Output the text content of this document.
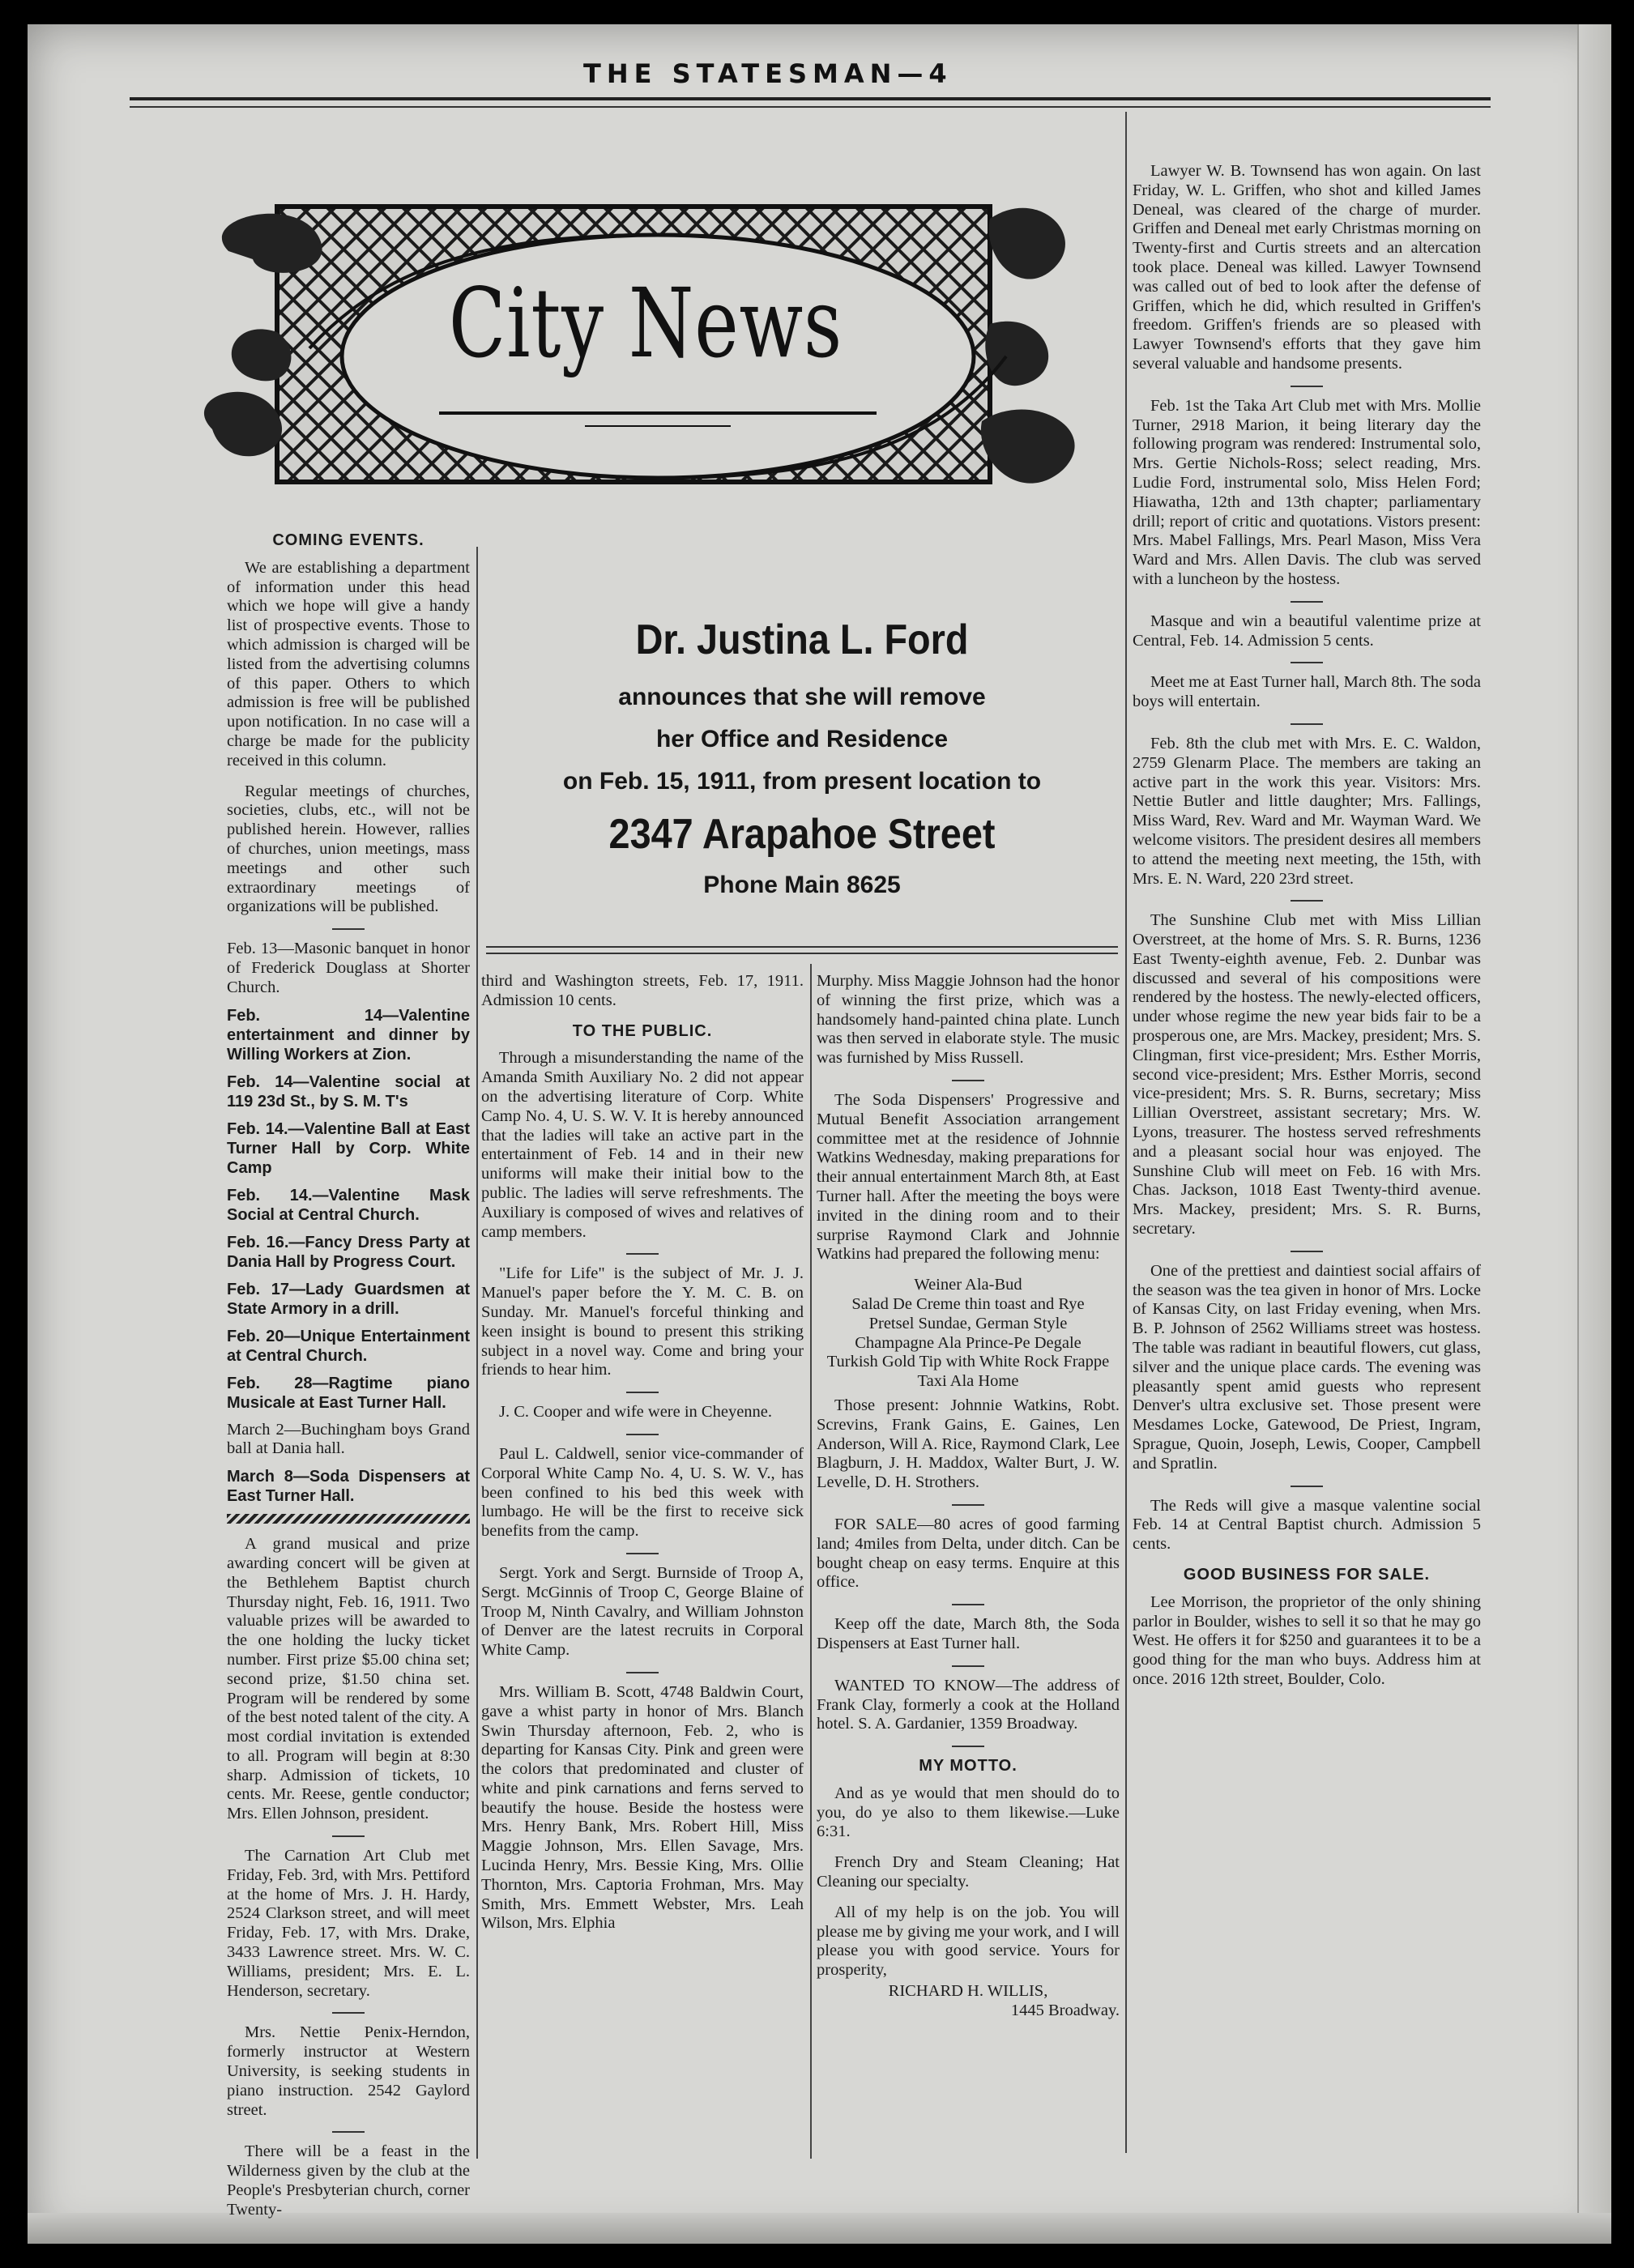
THE STATESMAN—4
City News
Dr. Justina L. Ford
announces that she will remove
her Office and Residence
on Feb. 15, 1911, from present location to
2347 Arapahoe Street
Phone Main 8625
COMING EVENTS.

We are establishing a department of information under this head which we hope will give a handy list of prospective events. Those to which admission is charged will be listed from the advertising columns of this paper. Others to which admission is free will be published upon notification. In no case will a charge be made for the publicity received in this column.

Regular meetings of churches, societies, clubs, etc., will not be published herein. However, rallies of churches, union meetings, mass meetings and other such extraordinary meetings of organizations will be published.

Feb. 13—Masonic banquet in honor of Frederick Douglass at Shorter Church.

Feb. 14—Valentine entertainment and dinner by Willing Workers at Zion.

Feb. 14—Valentine social at 119 23d St., by S. M. T's

Feb. 14.—Valentine Ball at East Turner Hall by Corp. White Camp

Feb. 14.—Valentine Mask Social at Central Church.

Feb. 16.—Fancy Dress Party at Dania Hall by Progress Court.

Feb. 17—Lady Guardsmen at State Armory in a drill.

Feb. 20—Unique Entertainment at Central Church.

Feb. 28—Ragtime piano Musicale at East Turner Hall.

March 2—Buchingham boys Grand ball at Dania hall.

March 8—Soda Dispensers at East Turner Hall.

A grand musical and prize awarding concert will be given at the Bethlehem Baptist church Thursday night, Feb. 16, 1911. Two valuable prizes will be awarded to the one holding the lucky ticket number. First prize $5.00 china set; second prize, $1.50 china set. Program will be rendered by some of the best noted talent of the city. A most cordial invitation is extended to all. Program will begin at 8:30 sharp. Admission of tickets, 10 cents. Mr. Reese, gentle conductor; Mrs. Ellen Johnson, president.

The Carnation Art Club met Friday, Feb. 3rd, with Mrs. Pettiford at the home of Mrs. J. H. Hardy, 2524 Clarkson street, and will meet Friday, Feb. 17, with Mrs. Drake, 3433 Lawrence street. Mrs. W. C. Williams, president; Mrs. E. L. Henderson, secretary.

Mrs. Nettie Penix-Herndon, formerly instructor at Western University, is seeking students in piano instruction. 2542 Gaylord street.

There will be a feast in the Wilderness given by the club at the People's Presbyterian church, corner Twenty-

third and Washington streets, Feb. 17, 1911. Admission 10 cents.

TO THE PUBLIC.

Through a misunderstanding the name of the Amanda Smith Auxiliary No. 2 did not appear on the advertising literature of Corp. White Camp No. 4, U. S. W. V. It is hereby announced that the ladies will take an active part in the entertainment of Feb. 14 and in their new uniforms will make their initial bow to the public. The ladies will serve refreshments. The Auxiliary is composed of wives and relatives of camp members.

"Life for Life" is the subject of Mr. J. J. Manuel's paper before the Y. M. C. B. on Sunday. Mr. Manuel's forceful thinking and keen insight is bound to present this striking subject in a novel way. Come and bring your friends to hear him.

J. C. Cooper and wife were in Cheyenne.

Paul L. Caldwell, senior vice-commander of Corporal White Camp No. 4, U. S. W. V., has been confined to his bed this week with lumbago. He will be the first to receive sick benefits from the camp.

Sergt. York and Sergt. Burnside of Troop A, Sergt. McGinnis of Troop C, George Blaine of Troop M, Ninth Cavalry, and William Johnston of Denver are the latest recruits in Corporal White Camp.

Mrs. William B. Scott, 4748 Baldwin Court, gave a whist party in honor of Mrs. Blanch Swin Thursday afternoon, Feb. 2, who is departing for Kansas City. Pink and green were the colors that predominated and cluster of white and pink carnations and ferns served to beautify the house. Beside the hostess were Mrs. Henry Bank, Mrs. Robert Hill, Miss Maggie Johnson, Mrs. Ellen Savage, Mrs. Lucinda Henry, Mrs. Bessie King, Mrs. Ollie Thornton, Mrs. Captoria Frohman, Mrs. May Smith, Mrs. Emmett Webster, Mrs. Leah Wilson, Mrs. Elphia

Murphy. Miss Maggie Johnson had the honor of winning the first prize, which was a handsomely hand-painted china plate. Lunch was then served in elaborate style. The music was furnished by Miss Russell.

The Soda Dispensers' Progressive and Mutual Benefit Association arrangement committee met at the residence of Johnnie Watkins Wednesday, making preparations for their annual entertainment March 8th, at East Turner hall. After the meeting the boys were invited in the dining room and to their surprise Raymond Clark and Johnnie Watkins had prepared the following menu:

Weiner Ala-Bud

Salad De Creme thin toast and Rye

Pretsel Sundae, German Style

Champagne Ala Prince-Pe Degale

Turkish Gold Tip with White Rock Frappe

Taxi Ala Home

Those present: Johnnie Watkins, Robt. Screvins, Frank Gains, E. Gaines, Len Anderson, Will A. Rice, Raymond Clark, Lee Blagburn, J. H. Maddox, Walter Burt, J. W. Levelle, D. H. Strothers.

FOR SALE—80 acres of good farming land; 4miles from Delta, under ditch. Can be bought cheap on easy terms. Enquire at this office.

Keep off the date, March 8th, the Soda Dispensers at East Turner hall.

WANTED TO KNOW—The address of Frank Clay, formerly a cook at the Holland hotel. S. A. Gardanier, 1359 Broadway.

MY MOTTO.

And as ye would that men should do to you, do ye also to them likewise.—Luke 6:31.

French Dry and Steam Cleaning; Hat Cleaning our specialty.

All of my help is on the job. You will please me by giving me your work, and I will please you with good service. Yours for prosperity,

RICHARD H. WILLIS,

1445 Broadway.

Lawyer W. B. Townsend has won again. On last Friday, W. L. Griffen, who shot and killed James Deneal, was cleared of the charge of murder. Griffen and Deneal met early Christmas morning on Twenty-first and Curtis streets and an altercation took place. Deneal was killed. Lawyer Townsend was called out of bed to look after the defense of Griffen, which he did, which resulted in Griffen's freedom. Griffen's friends are so pleased with Lawyer Townsend's efforts that they gave him several valuable and handsome presents.

Feb. 1st the Taka Art Club met with Mrs. Mollie Turner, 2918 Marion, it being literary day the following program was rendered: Instrumental solo, Mrs. Gertie Nichols-Ross; select reading, Mrs. Ludie Ford, instrumental solo, Miss Helen Ford; Hiawatha, 12th and 13th chapter; parliamentary drill; report of critic and quotations. Vistors present: Mrs. Mabel Fallings, Mrs. Pearl Mason, Miss Vera Ward and Mrs. Allen Davis. The club was served with a luncheon by the hostess.

Masque and win a beautiful valentime prize at Central, Feb. 14. Admission 5 cents.

Meet me at East Turner hall, March 8th. The soda boys will entertain.

Feb. 8th the club met with Mrs. E. C. Waldon, 2759 Glenarm Place. The members are taking an active part in the work this year. Visitors: Mrs. Nettie Butler and little daughter; Mrs. Fallings, Miss Ward, Rev. Ward and Mr. Wayman Ward. We welcome visitors. The president desires all members to attend the meeting next meeting, the 15th, with Mrs. E. N. Ward, 220 23rd street.

The Sunshine Club met with Miss Lillian Overstreet, at the home of Mrs. S. R. Burns, 1236 East Twenty-eighth avenue, Feb. 2. Dunbar was discussed and several of his compositions were rendered by the hostess. The newly-elected officers, under whose regime the new year bids fair to be a prosperous one, are Mrs. Mackey, president; Mrs. S. Clingman, first vice-president; Mrs. Esther Morris, second vice-president; Mrs. Esther Morris, second vice-president; Mrs. S. R. Burns, secretary; Miss Lillian Overstreet, assistant secretary; Mrs. W. Lyons, treasurer. The hostess served refreshments and a pleasant social hour was enjoyed. The Sunshine Club will meet on Feb. 16 with Mrs. Chas. Jackson, 1018 East Twenty-third avenue. Mrs. Mackey, president; Mrs. S. R. Burns, secretary.

One of the prettiest and daintiest social affairs of the season was the tea given in honor of Mrs. Locke of Kansas City, on last Friday evening, when Mrs. B. P. Johnson of 2562 Williams street was hostess. The table was radiant in beautiful flowers, cut glass, silver and the unique place cards. The evening was pleasantly spent amid guests who represent Denver's ultra exclusive set. Those present were Mesdames Locke, Gatewood, De Priest, Ingram, Sprague, Quoin, Joseph, Lewis, Cooper, Campbell and Spratlin.

The Reds will give a masque valentine social Feb. 14 at Central Baptist church. Admission 5 cents.

GOOD BUSINESS FOR SALE.

Lee Morrison, the proprietor of the only shining parlor in Boulder, wishes to sell it so that he may go West. He offers it for $250 and guarantees it to be a good thing for the man who buys. Address him at once. 2016 12th street, Boulder, Colo.
